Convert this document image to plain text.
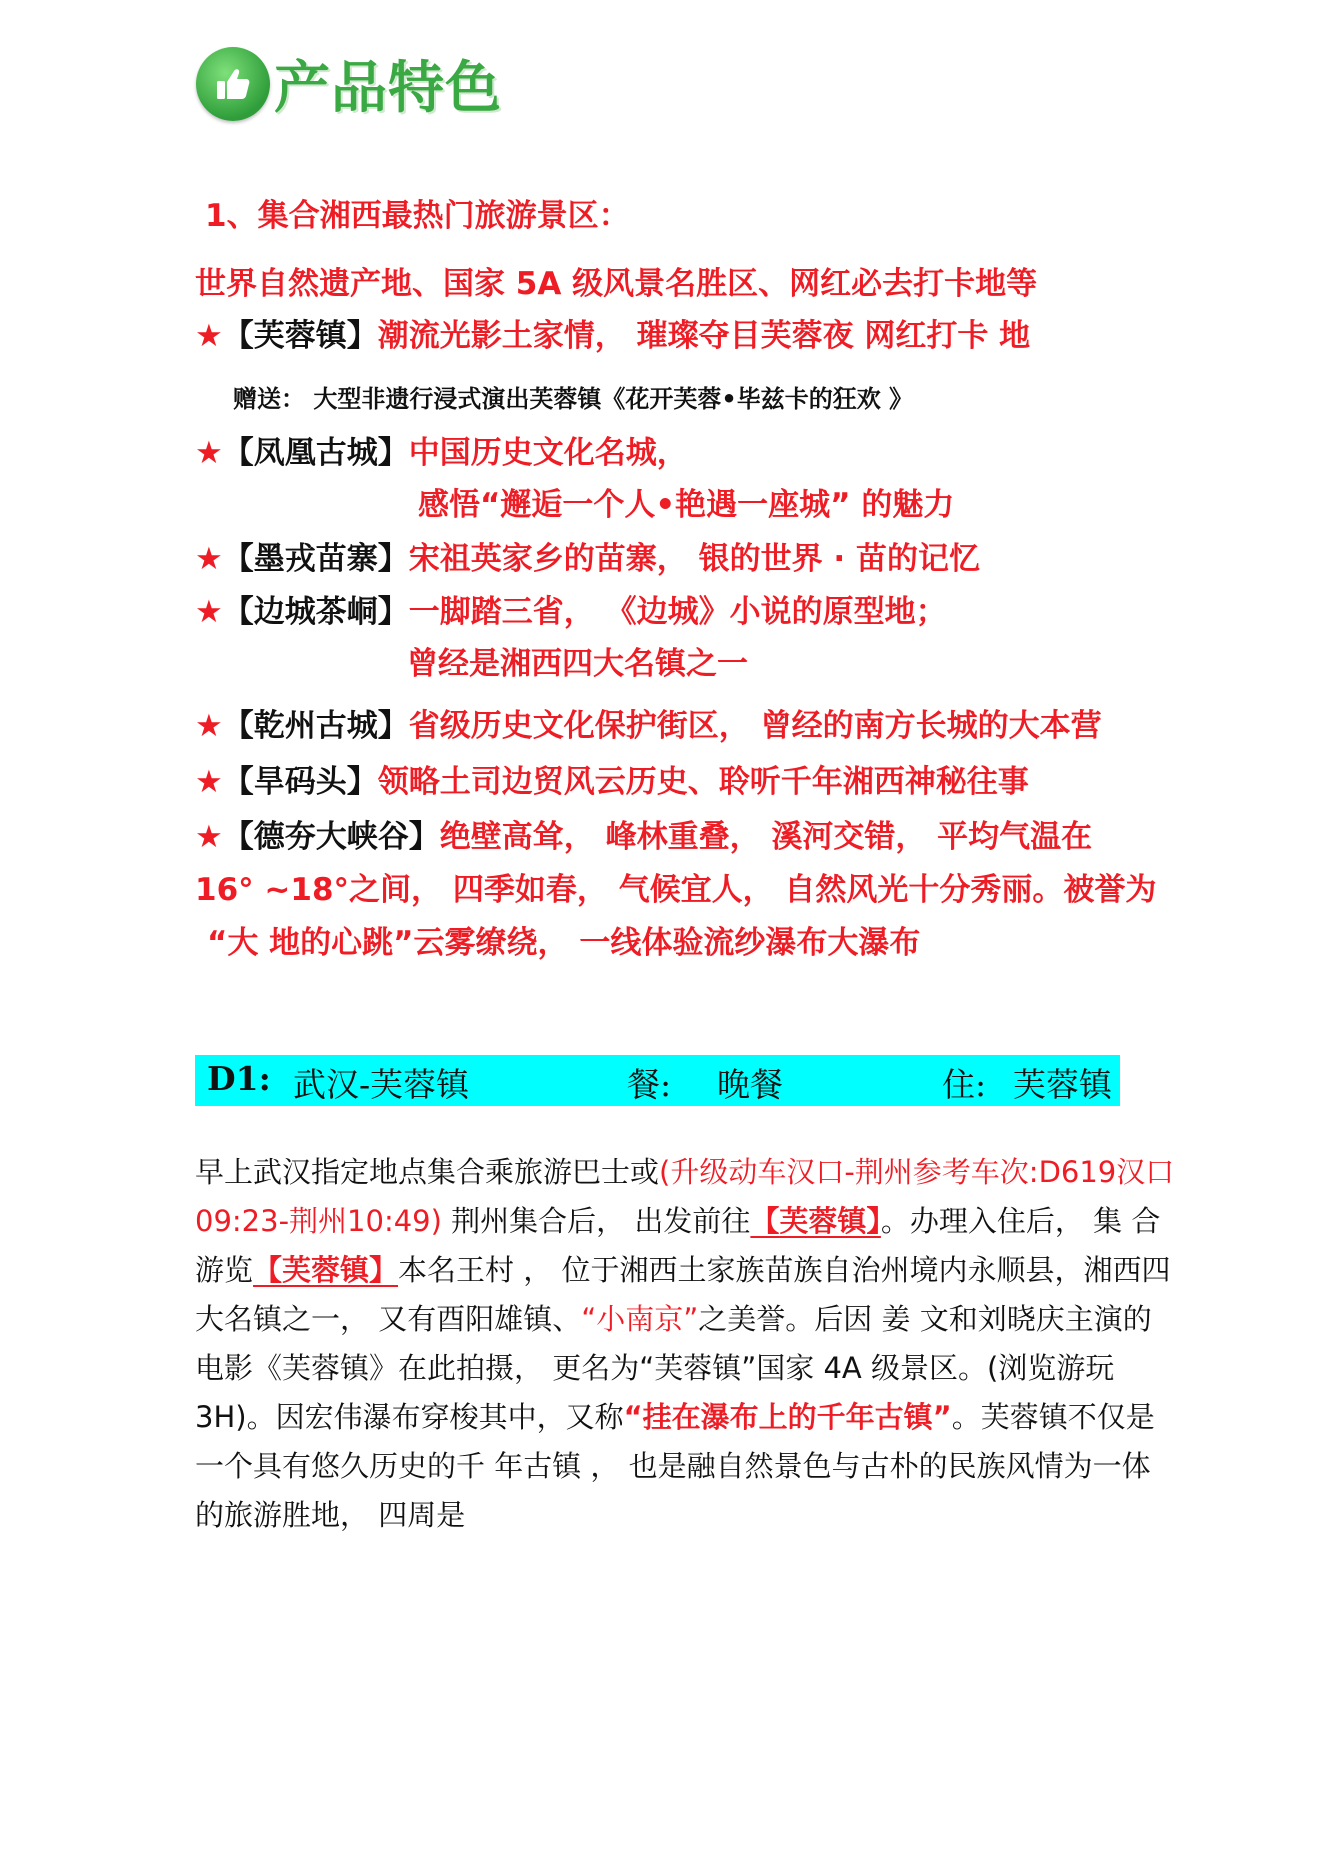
产品特色
1、集合湘西最热门旅游景区：
世界自然遗产地、国家 5A 级风景名胜区、网红必去打卡地等
★【芙蓉镇】潮流光影土家情， 璀璨夺目芙蓉夜 网红打卡 地
赠送： 大型非遗行浸式演出芙蓉镇《花开芙蓉•毕兹卡的狂欢 》
★【凤凰古城】中国历史文化名城，
感悟“邂逅一个人•艳遇一座城” 的魅力
★【墨戎苗寨】宋祖英家乡的苗寨， 银的世界 · 苗的记忆
★【边城茶峒】一脚踏三省， 《边城》小说的原型地；
曾经是湘西四大名镇之一
★【乾州古城】省级历史文化保护街区， 曾经的南方长城的大本营
★【旱码头】领略土司边贸风云历史、聆听千年湘西神秘往事
★【德夯大峡谷】绝壁高耸， 峰林重叠， 溪河交错， 平均气温在
16° ~18°之间， 四季如春， 气候宜人， 自然风光十分秀丽。被誉为
“大 地的心跳”云雾缭绕， 一线体验流纱瀑布大瀑布
D1: 武汉-芙蓉镇	餐: 晚餐	住: 芙蓉镇
早上武汉指定地点集合乘旅游巴士或(升级动车汉口-荆州参考车次:D619汉口09:23-荆州10:49) 荆州集合后， 出发前往【芙蓉镇】。办理入住后， 集 合游览【芙蓉镇】本名王村 ， 位于湘西土家族苗族自治州境内永顺县，湘西四大名镇之一， 又有酉阳雄镇、“小南京”之美誉。后因 姜 文和刘晓庆主演的电影《芙蓉镇》在此拍摄， 更名为“芙蓉镇”国家 4A 级景区。(浏览游玩3H)。因宏伟瀑布穿梭其中，又称“挂在瀑布上的千年古镇”。芙蓉镇不仅是一个具有悠久历史的千 年古镇 ， 也是融自然景色与古朴的民族风情为一体的旅游胜地， 四周是
